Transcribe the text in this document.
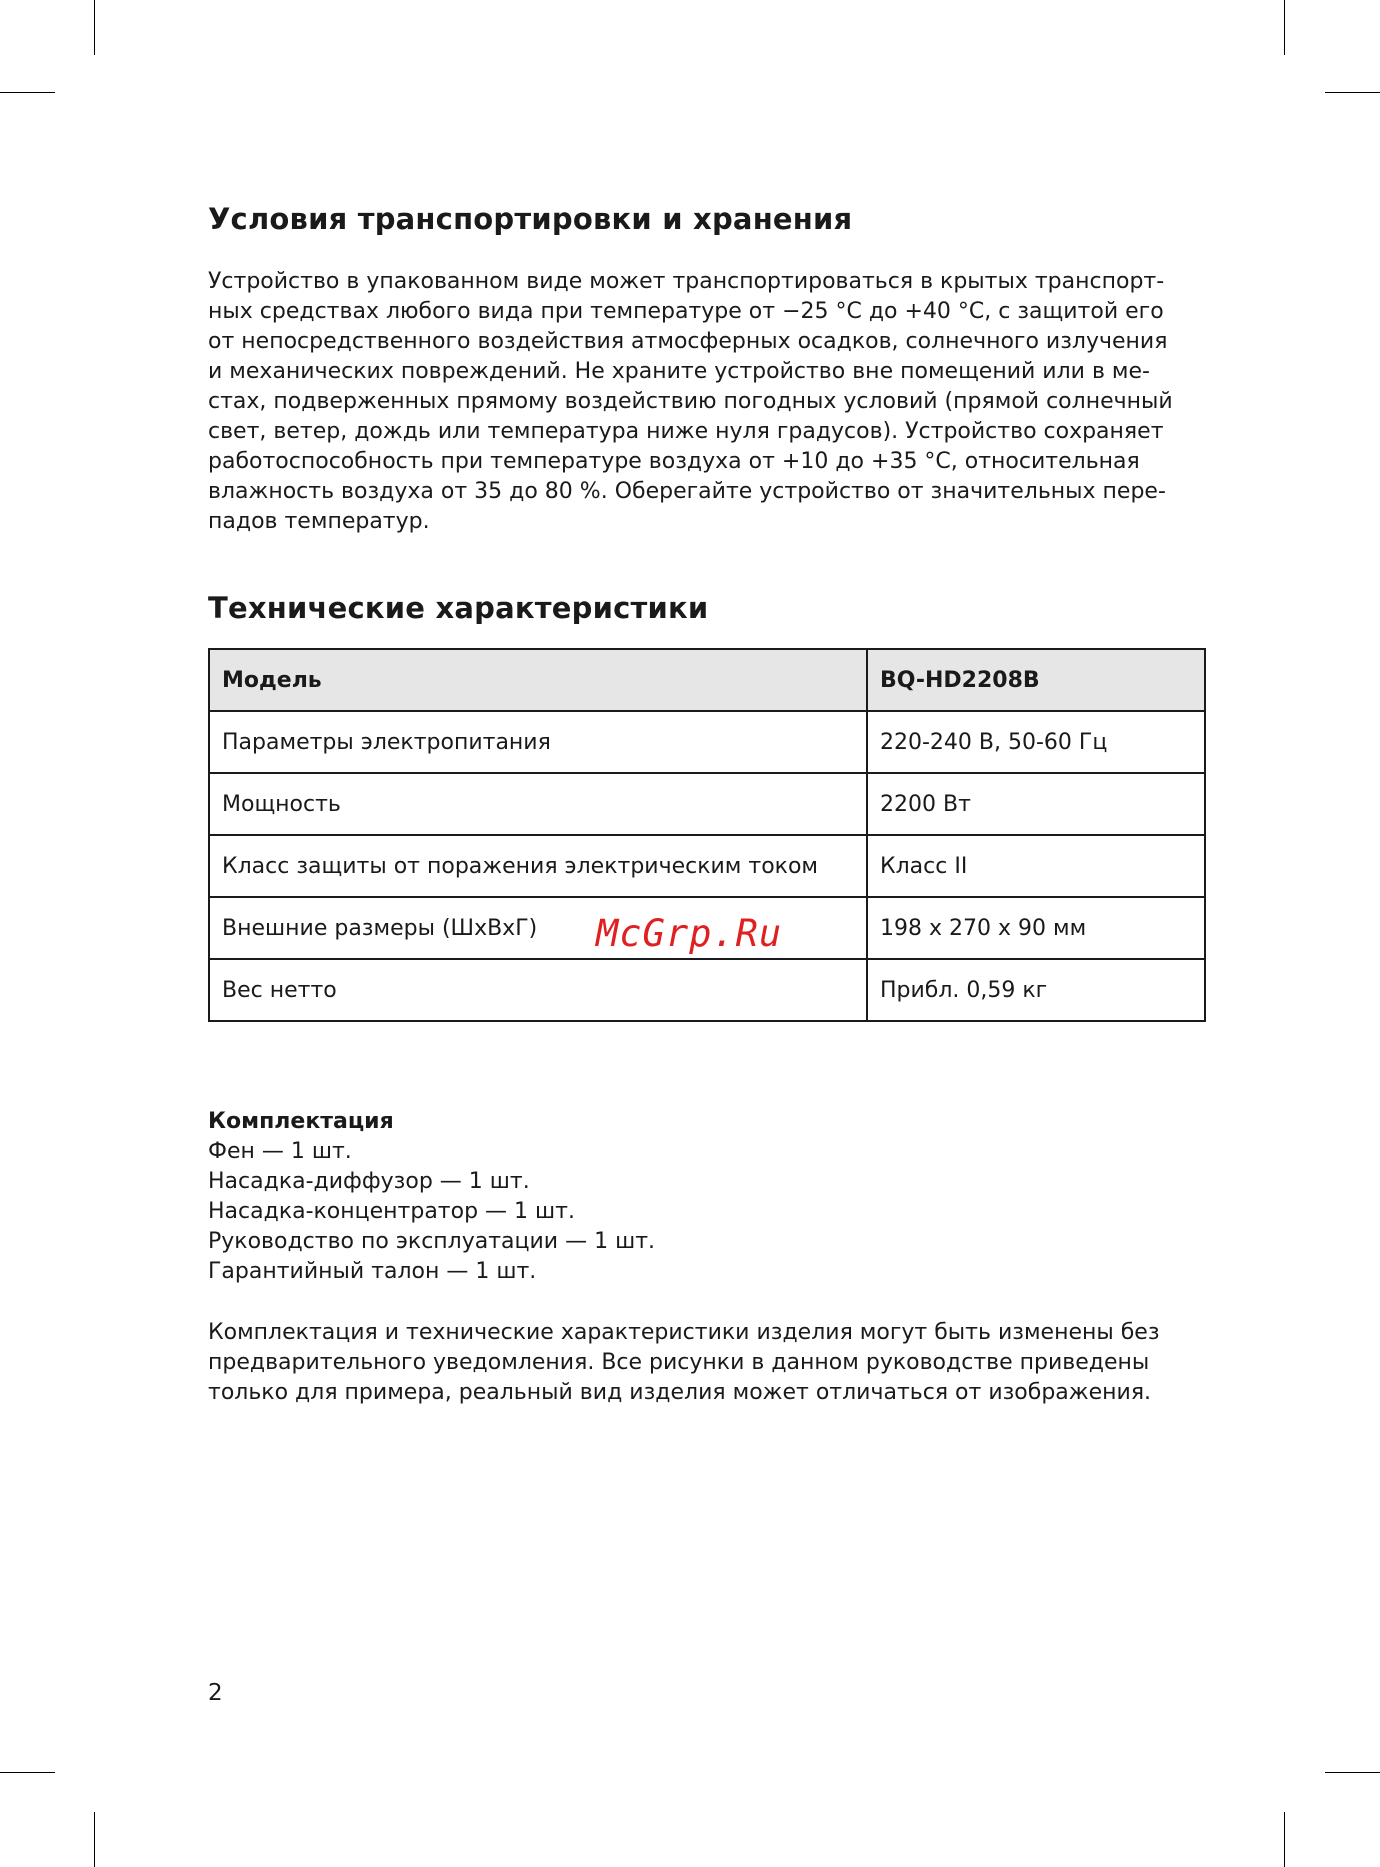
Условия транспортировки и хранения
Устройство в упакованном виде может транспортироваться в крытых транспорт-
ных средствах любого вида при температуре от −25 °С до +40 °С, с защитой его
от непосредственного воздействия атмосферных осадков, солнечного излучения
и механических повреждений. Не храните устройство вне помещений или в ме-
стах, подверженных прямому воздействию погодных условий (прямой солнечный
свет, ветер, дождь или температура ниже нуля градусов). Устройство сохраняет
работоспособность при температуре воздуха от +10 до +35 °С, относительная
влажность воздуха от 35 до 80 %. Оберегайте устройство от значительных пере-
падов температур.
Технические характеристики
Модель	BQ-HD2208B
Параметры электропитания	220-240 В, 50-60 Гц
Мощность	2200 Вт
Класс защиты от поражения электрическим током	Класс II
Внешние размеры (ШхВхГ)	198 х 270 х 90 мм
Вес нетто	Прибл. 0,59 кг
McGrp.Ru
Комплектация
Фен — 1 шт.
Насадка-диффузор — 1 шт.
Насадка-концентратор — 1 шт.
Руководство по эксплуатации — 1 шт.
Гарантийный талон — 1 шт.
Комплектация и технические характеристики изделия могут быть изменены без
предварительного уведомления. Все рисунки в данном руководстве приведены
только для примера, реальный вид изделия может отличаться от изображения.
2
